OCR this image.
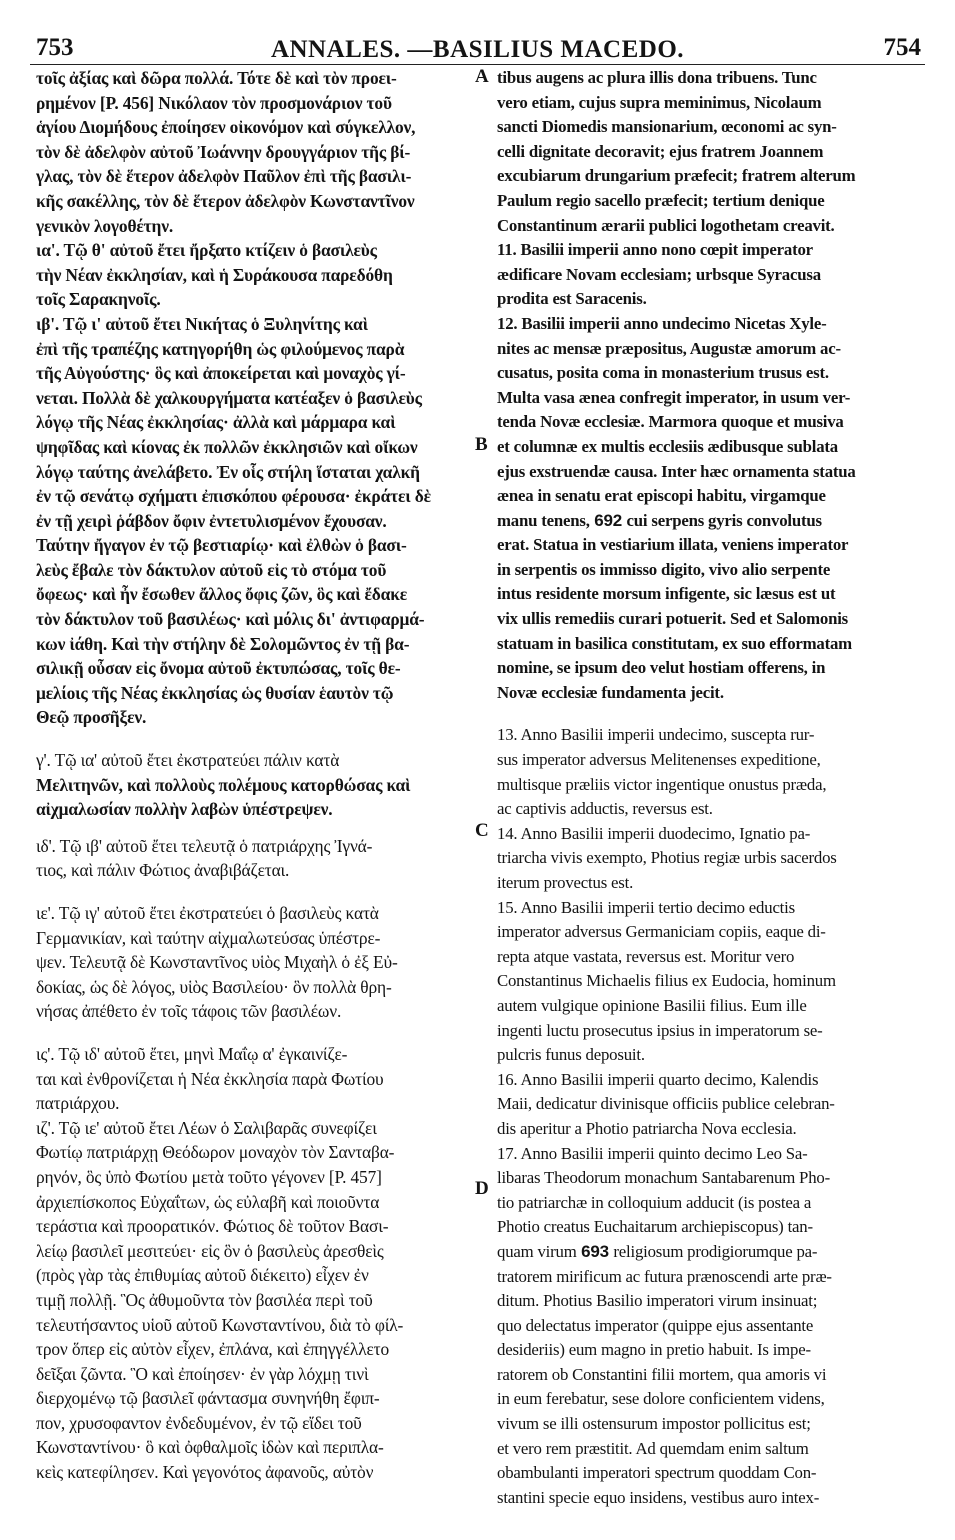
753	ANNALES. —BASILIUS MACEDO.	754
A
B
C
D
τοῖς ἀξίας καὶ δῶρα πολλά. Τότε δὲ καὶ τὸν προει-
ρημένον [P. 456] Νικόλαον τὸν προσμονάριον τοῦ
ἁγίου Διομήδους ἐποίησεν οἰκονόμον καὶ σύγκελλον,
τὸν δὲ ἀδελφὸν αὐτοῦ Ἰωάννην δρουγγάριον τῆς βί-
γλας, τὸν δὲ ἕτερον ἀδελφὸν Παῦλον ἐπὶ τῆς βασιλι-
κῆς σακέλλης, τὸν δὲ ἕτερον ἀδελφὸν Κωνσταντῖνον
γενικὸν λογοθέτην.
ια'. Τῷ θ' αὐτοῦ ἔτει ἤρξατο κτίζειν ὁ βασιλεὺς
τὴν Νέαν ἐκκλησίαν, καὶ ἡ Συράκουσα παρεδόθη
τοῖς Σαρακηνοῖς.
ιβ'. Τῷ ι' αὐτοῦ ἔτει Νικήτας ὁ Ξυληνίτης καὶ
ἐπὶ τῆς τραπέζης κατηγορήθη ὡς φιλούμενος παρὰ
τῆς Αὐγούστης· ὃς καὶ ἀποκείρεται καὶ μοναχὸς γί-
νεται. Πολλὰ δὲ χαλκουργήματα κατέαξεν ὁ βασιλεὺς
λόγῳ τῆς Νέας ἐκκλησίας· ἀλλὰ καὶ μάρμαρα καὶ
ψηφῖδας καὶ κίονας ἐκ πολλῶν ἐκκλησιῶν καὶ οἴκων
λόγῳ ταύτης ἀνελάβετο. Ἐν οἷς στήλη ἵσταται χαλκῆ
ἐν τῷ σενάτῳ σχήματι ἐπισκόπου φέρουσα· ἐκράτει δὲ
ἐν τῇ χειρὶ ῥάβδον ὄφιν ἐντετυλισμένον ἔχουσαν.
Ταύτην ἤγαγον ἐν τῷ βεστιαρίῳ· καὶ ἐλθὼν ὁ βασι-
λεὺς ἔβαλε τὸν δάκτυλον αὐτοῦ εἰς τὸ στόμα τοῦ
ὄφεως· καὶ ἦν ἔσωθεν ἄλλος ὄφις ζῶν, ὃς καὶ ἔδακε
τὸν δάκτυλον τοῦ βασιλέως· καὶ μόλις δι' ἀντιφαρμά-
κων ἰάθη. Καὶ τὴν στήλην δὲ Σολομῶντος ἐν τῇ βα-
σιλικῇ οὖσαν εἰς ὄνομα αὐτοῦ ἐκτυπώσας, τοῖς θε-
μελίοις τῆς Νέας ἐκκλησίας ὡς θυσίαν ἑαυτὸν τῷ
Θεῷ προσῆξεν.
γ'. Τῷ ια' αὐτοῦ ἔτει ἐκστρατεύει πάλιν κατὰ
Μελιτηνῶν, καὶ πολλοὺς πολέμους κατορθώσας καὶ
αἰχμαλωσίαν πολλὴν λαβὼν ὑπέστρεψεν.
ιδ'. Τῷ ιβ' αὐτοῦ ἔτει τελευτᾷ ὁ πατριάρχης Ἰγνά-
τιος, καὶ πάλιν Φώτιος ἀναβιβάζεται.
ιε'. Τῷ ιγ' αὐτοῦ ἔτει ἐκστρατεύει ὁ βασιλεὺς κατὰ
Γερμανικίαν, καὶ ταύτην αἰχμαλωτεύσας ὑπέστρε-
ψεν. Τελευτᾷ δὲ Κωνσταντῖνος υἱὸς Μιχαὴλ ὁ ἐξ Εὐ-
δοκίας, ὡς δὲ λόγος, υἱὸς Βασιλείου· ὃν πολλὰ θρη-
νήσας ἀπέθετο ἐν τοῖς τάφοις τῶν βασιλέων.
ις'. Τῷ ιδ' αὐτοῦ ἔτει, μηνὶ Μαΐῳ α' ἐγκαινίζε-
ται καὶ ἐνθρονίζεται ἡ Νέα ἐκκλησία παρὰ Φωτίου
πατριάρχου.
ιζ'. Τῷ ιε' αὐτοῦ ἔτει Λέων ὁ Σαλιβαρᾶς συνεφίζει
Φωτίῳ πατριάρχῃ Θεόδωρον μοναχὸν τὸν Σανταβα-
ρηνόν, ὃς ὑπὸ Φωτίου μετὰ τοῦτο γέγονεν [P. 457]
ἀρχιεπίσκοπος Εὐχαΐτων, ὡς εὐλαβῆ καὶ ποιοῦντα
τεράστια καὶ προορατικόν. Φώτιος δὲ τοῦτον Βασι-
λείῳ βασιλεῖ μεσιτεύει· εἰς ὃν ὁ βασιλεὺς ἀρεσθεὶς
(πρὸς γὰρ τὰς ἐπιθυμίας αὐτοῦ διέκειτο) εἶχεν ἐν
τιμῇ πολλῇ. Ὃς ἀθυμοῦντα τὸν βασιλέα περὶ τοῦ
τελευτήσαντος υἱοῦ αὐτοῦ Κωνσταντίνου, διὰ τὸ φίλ-
τρον ὅπερ εἰς αὐτὸν εἶχεν, ἐπλάνα, καὶ ἐπηγγέλλετο
δεῖξαι ζῶντα. Ὃ καὶ ἐποίησεν· ἐν γὰρ λόχμῃ τινὶ
διερχομένῳ τῷ βασιλεῖ φάντασμα συνηνήθη ἔφιπ-
πον, χρυσοφαντον ἐνδεδυμένον, ἐν τῷ εἴδει τοῦ
Κωνσταντίνου· ὃ καὶ ὀφθαλμοῖς ἰδὼν καὶ περιπλα-
κεὶς κατεφίλησεν. Καὶ γεγονότος ἀφανοῦς, αὐτὸν
tibus augens ac plura illis dona tribuens. Tunc
vero etiam, cujus supra meminimus, Nicolaum
sancti Diomedis mansionarium, œconomi ac syn-
celli dignitate decoravit; ejus fratrem Joannem
excubiarum drungarium præfecit; fratrem alterum
Paulum regio sacello præfecit; tertium denique
Constantinum ærarii publici logothetam creavit.
11. Basilii imperii anno nono cœpit imperator
ædificare Novam ecclesiam; urbsque Syracusa
prodita est Saracenis.
12. Basilii imperii anno undecimo Nicetas Xyle-
nites ac mensæ præpositus, Augustæ amorum ac-
cusatus, posita coma in monasterium trusus est.
Multa vasa ænea confregit imperator, in usum ver-
tenda Novæ ecclesiæ. Marmora quoque et musiva
et columnæ ex multis ecclesiis ædibusque sublata
ejus exstruendæ causa. Inter hæc ornamenta statua
ænea in senatu erat episcopi habitu, virgamque
manu tenens, 692 cui serpens gyris convolutus
erat. Statua in vestiarium illata, veniens imperator
in serpentis os immisso digito, vivo alio serpente
intus residente morsum infigente, sic læsus est ut
vix ullis remediis curari potuerit. Sed et Salomonis
statuam in basilica constitutam, ex suo efformatam
nomine, se ipsum deo velut hostiam offerens, in
Novæ ecclesiæ fundamenta jecit.
13. Anno Basilii imperii undecimo, suscepta rur-
sus imperator adversus Melitenenses expeditione,
multisque præliis victor ingentique onustus præda,
ac captivis adductis, reversus est.
14. Anno Basilii imperii duodecimo, Ignatio pa-
triarcha vivis exempto, Photius regiæ urbis sacerdos
iterum provectus est.
15. Anno Basilii imperii tertio decimo eductis
imperator adversus Germaniciam copiis, eaque di-
repta atque vastata, reversus est. Moritur vero
Constantinus Michaelis filius ex Eudocia, hominum
autem vulgique opinione Basilii filius. Eum ille
ingenti luctu prosecutus ipsius in imperatorum se-
pulcris funus deposuit.
16. Anno Basilii imperii quarto decimo, Kalendis
Maii, dedicatur divinisque officiis publice celebran-
dis aperitur a Photio patriarcha Nova ecclesia.
17. Anno Basilii imperii quinto decimo Leo Sa-
libaras Theodorum monachum Santabarenum Pho-
tio patriarchæ in colloquium adducit (is postea a
Photio creatus Euchaitarum archiepiscopus) tan-
quam virum 693 religiosum prodigiorumque pa-
tratorem mirificum ac futura prænoscendi arte præ-
ditum. Photius Basilio imperatori virum insinuat;
quo delectatus imperator (quippe ejus assentante
desideriis) eum magno in pretio habuit. Is impe-
ratorem ob Constantini filii mortem, qua amoris vi
in eum ferebatur, sese dolore conficientem videns,
vivum se illi ostensurum impostor pollicitus est;
et vero rem præstitit. Ad quemdam enim saltum
obambulanti imperatori spectrum quoddam Con-
stantini specie equo insidens, vestibus auro intex-
